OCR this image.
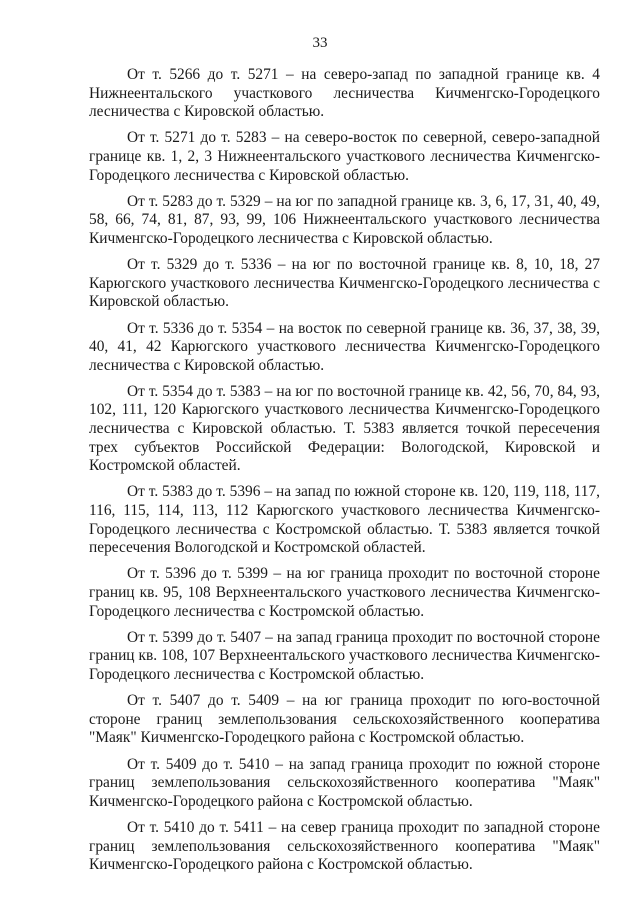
33

От т. 5266 до т. 5271 – на северо-запад по западной границе кв. 4 Нижнеентальского участкового лесничества Кичменгско-Городецкого лесничества с Кировской областью.

От т. 5271 до т. 5283 – на северо-восток по северной, северо-западной границе кв. 1, 2, 3 Нижнеентальского участкового лесничества Кичменгско-Городецкого лесничества с Кировской областью.

От т. 5283 до т. 5329 – на юг по западной границе кв. 3, 6, 17, 31, 40, 49, 58, 66, 74, 81, 87, 93, 99, 106 Нижнеентальского участкового лесничества Кичменгско-Городецкого лесничества с Кировской областью.

От т. 5329 до т. 5336 – на юг по восточной границе кв. 8, 10, 18, 27 Карюгского участкового лесничества Кичменгско-Городецкого лесничества с Кировской областью.

От т. 5336 до т. 5354 – на восток по северной границе кв. 36, 37, 38, 39, 40, 41, 42 Карюгского участкового лесничества Кичменгско-Городецкого лесничества с Кировской областью.

От т. 5354 до т. 5383 – на юг по восточной границе кв. 42, 56, 70, 84, 93, 102, 111, 120 Карюгского участкового лесничества Кичменгско-Городецкого лесничества с Кировской областью. Т. 5383 является точкой пересечения трех субъектов Российской Федерации: Вологодской, Кировской и Костромской областей.

От т. 5383 до т. 5396 – на запад по южной стороне кв. 120, 119, 118, 117, 116, 115, 114, 113, 112 Карюгского участкового лесничества Кичменгско-Городецкого лесничества с Костромской областью. Т. 5383 является точкой пересечения Вологодской и Костромской областей.

От т. 5396 до т. 5399 – на юг граница проходит по восточной стороне границ кв. 95, 108 Верхнеентальского участкового лесничества Кичменгско-Городецкого лесничества с Костромской областью.

От т. 5399 до т. 5407 – на запад граница проходит по восточной стороне границ кв. 108, 107 Верхнеентальского участкового лесничества Кичменгско-Городецкого лесничества с Костромской областью.

От т. 5407 до т. 5409 – на юг граница проходит по юго-восточной стороне границ землепользования сельскохозяйственного кооператива "Маяк" Кичменгско-Городецкого района с Костромской областью.

От т. 5409 до т. 5410 – на запад граница проходит по южной стороне границ землепользования сельскохозяйственного кооператива "Маяк" Кичменгско-Городецкого района с Костромской областью.

От т. 5410 до т. 5411 – на север граница проходит по западной стороне границ землепользования сельскохозяйственного кооператива "Маяк" Кичменгско-Городецкого района с Костромской областью.
